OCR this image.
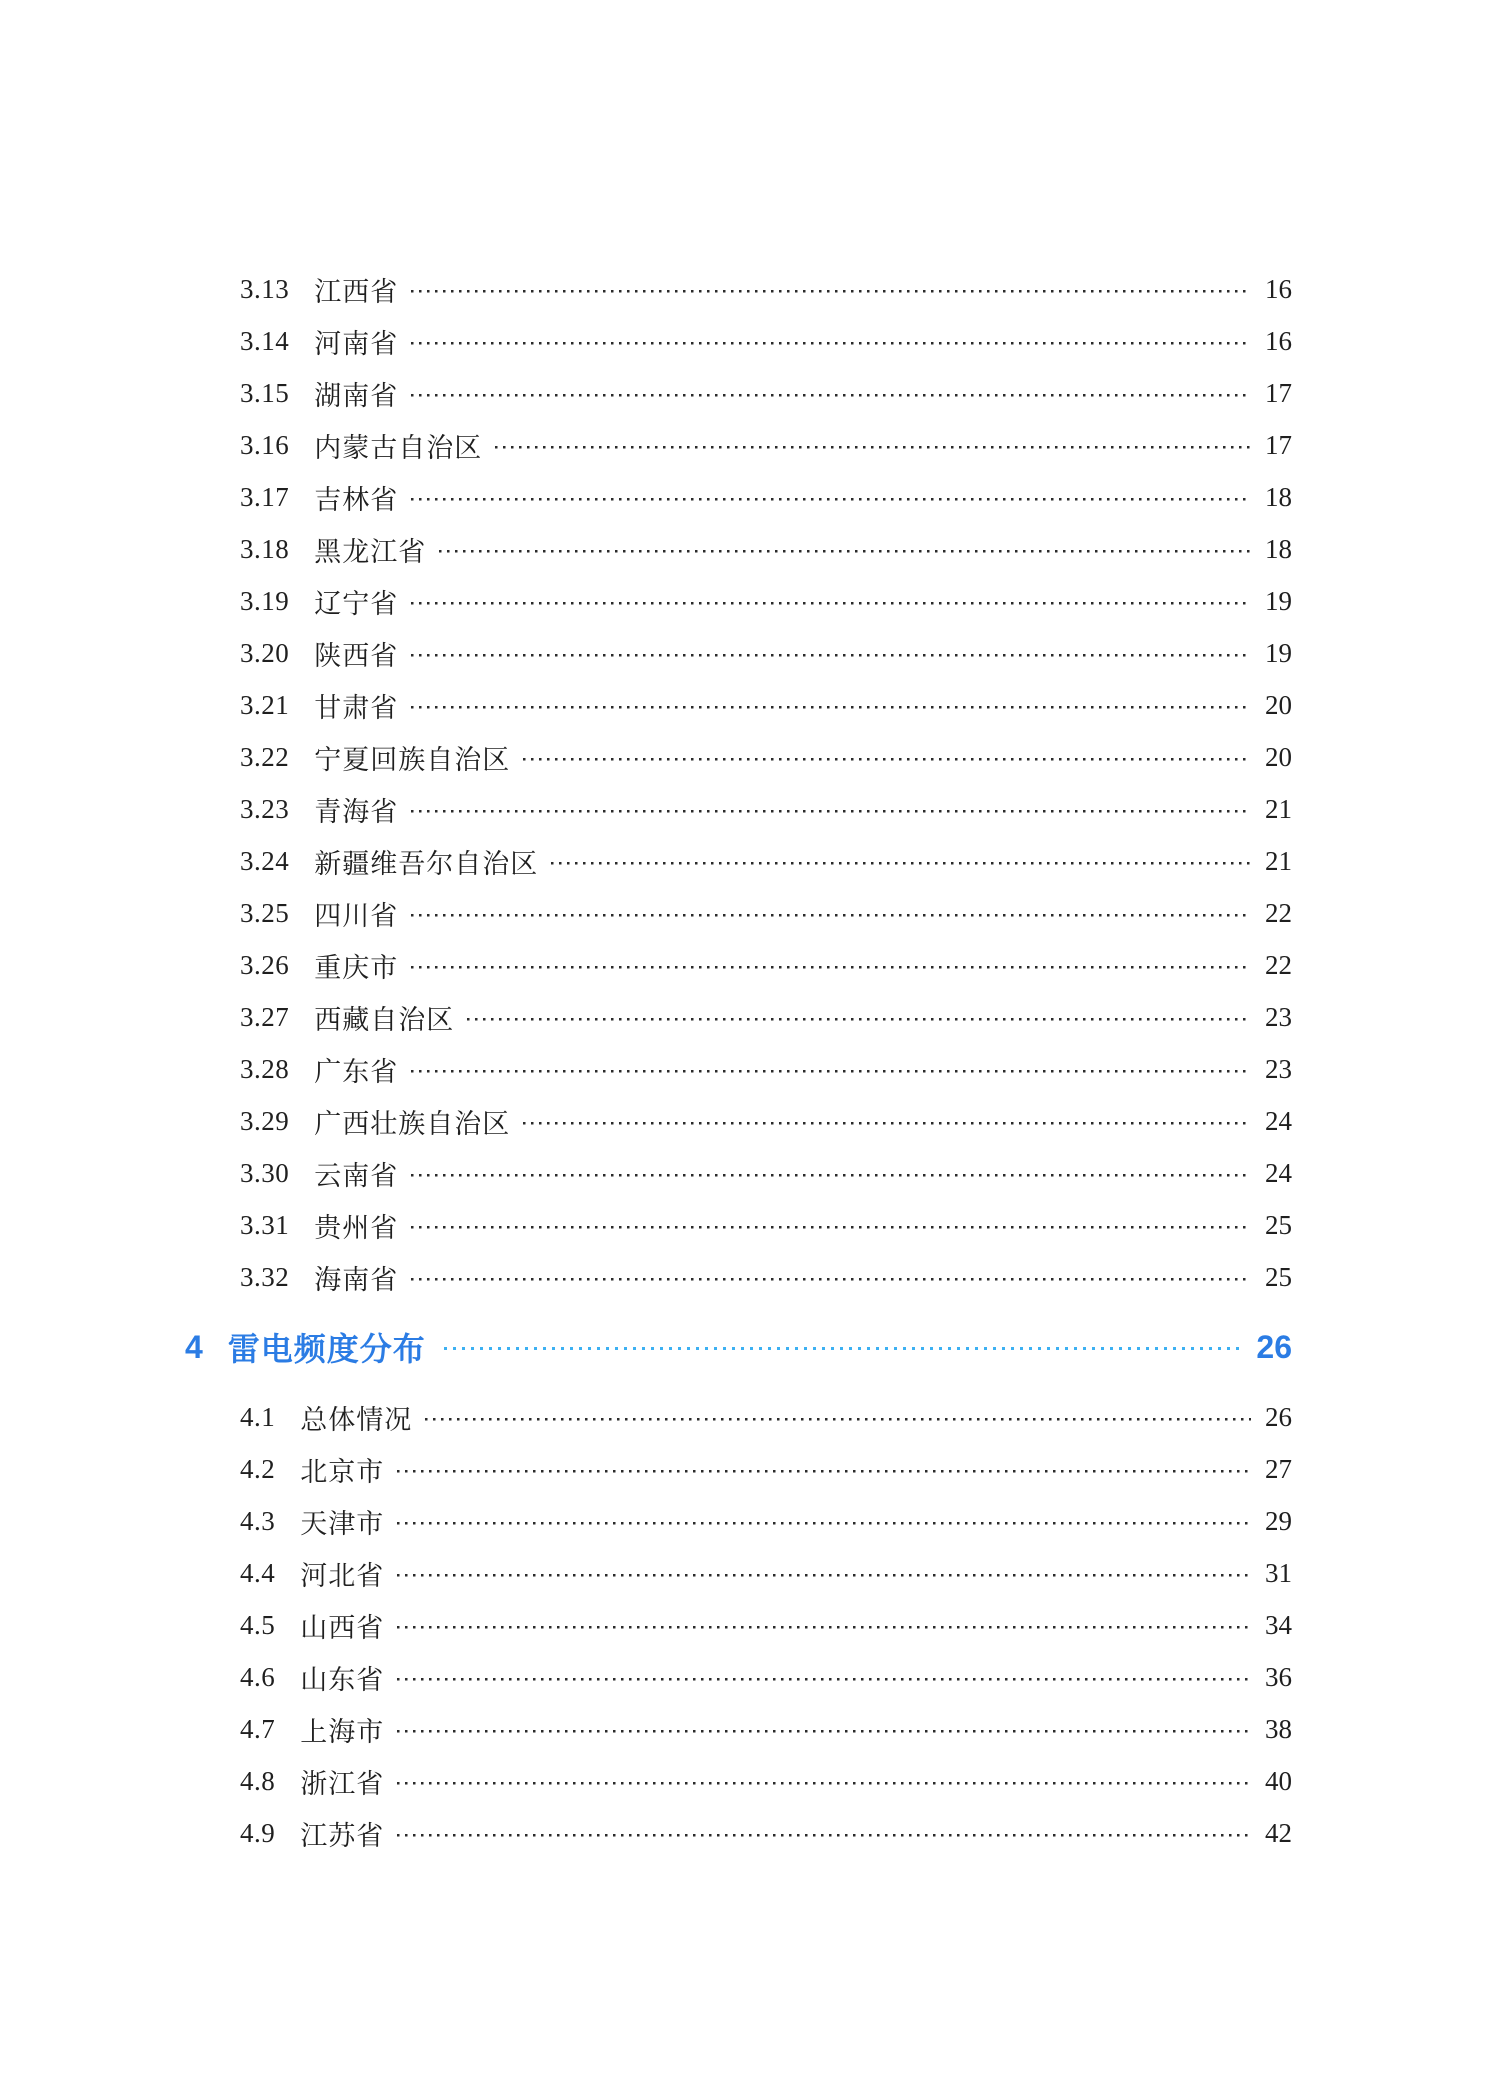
3.13 江西省	16
3.14 河南省	16
3.15 湖南省	17
3.16 内蒙古自治区	17
3.17 吉林省	18
3.18 黑龙江省	18
3.19 辽宁省	19
3.20 陕西省	19
3.21 甘肃省	20
3.22 宁夏回族自治区	20
3.23 青海省	21
3.24 新疆维吾尔自治区	21
3.25 四川省	22
3.26 重庆市	22
3.27 西藏自治区	23
3.28 广东省	23
3.29 广西壮族自治区	24
3.30 云南省	24
3.31 贵州省	25
3.32 海南省	25
4 雷电频度分布	26
4.1 总体情况	26
4.2 北京市	27
4.3 天津市	29
4.4 河北省	31
4.5 山西省	34
4.6 山东省	36
4.7 上海市	38
4.8 浙江省	40
4.9 江苏省	42
